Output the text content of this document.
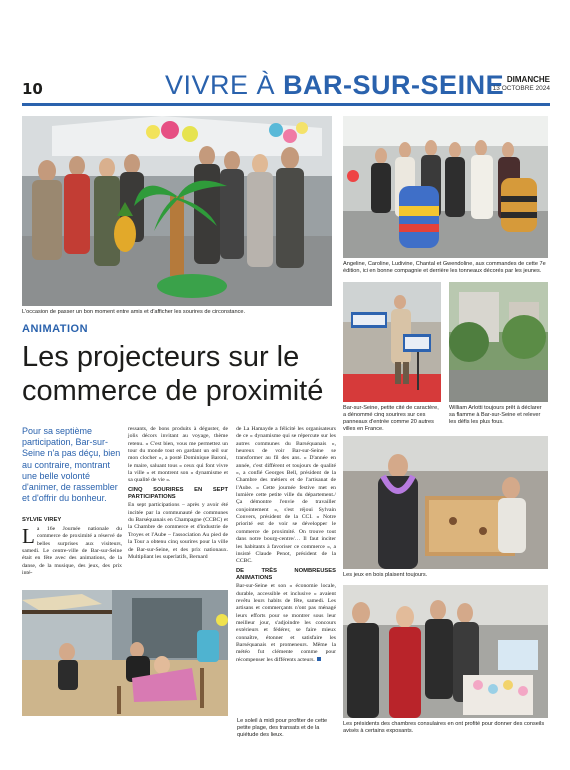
10	VIVRE À BAR-SUR-SEINE DIMANCHE
13 OCTOBRE 2024
L'occasion de passer un bon moment entre amis et d'afficher les sourires de circonstance.
Angeline, Caroline, Ludivine, Chantal et Gwendoline, aux commandes de cette 7e édition, ici en bonne compagnie et derrière les tonneaux décorés par les jeunes.
Bar-sur-Seine, petite cité de caractère, a dénommé cinq sourires sur ces panneaux d'entrée comme 20 autres villes en France.
William Arlotti toujours prêt à déclarer sa flamme à Bar-sur-Seine et relever les défis les plus fous.
Les jeux en bois plaisent toujours.
Le soleil à midi pour profiter de cette petite plage, des transats et de la quiétude des lieux.
Les présidents des chambres consulaires en ont profité pour donner des conseils avisés à certains exposants.
ANIMATION
Les projecteurs sur le commerce de proximité
Pour sa septième participation, Bar-sur-Seine n'a pas déçu, bien au contraire, montrant une belle volonté d'animer, de rassembler et d'offrir du bonheur.
SYLVIE VIREY
La 16e Journée nationale du commerce de proximité a réservé de belles surprises aux visiteurs, samedi. Le centre-ville de Bar-sur-Seine était en fête avec des animations, de la danse, de la musique, des jeux, des prix inté-
ressants, de bons produits à déguster, de jolis décors invitant au voyage, thème retenu. « C'est bien, vous me permettez un tour du monde tout en gardant un œil sur mon clocher », a posté Dominique Baroni, le maire, saluant tous « ceux qui font vivre la ville » et montrent son « dynamisme et sa qualité de vie ».
CINQ SOURIRES EN SEPT PARTICIPATIONS
En sept participations – après y avoir été incitée par la communauté de communes du Barséquanais en Champagne (CCBC) et la Chambre de commerce et d'industrie de Troyes et l'Aube – l'association Au pied de la Tour a obtenu cinq sourires pour la ville de Bar-sur-Seine, et des prix nationaux. Multipliant les superlatifs, Bernard
de La Hamayde a félicité les organisateurs de ce « dynamisme qui se répercute sur les autres communes du Barséquanais », heureux de voir Bar-sur-Seine se transformer au fil des ans. « D'année en année, c'est différent et toujours de qualité », a confié Georges Bell, président de la Chambre des métiers et de l'artisanat de l'Aube. « Cette journée festive met en lumière cette petite ville du département./ Ça démontre l'envie de travailler conjointement », s'est réjoui Sylvain Convers, président de la CCI. « Notre priorité est de voir se développer le commerce de proximité. On trouve tout dans notre bourg-centre/… Il faut inciter les habitants à favoriser ce commerce », a insisté Claude Penot, président de la CCBC.
DE TRÈS NOMBREUSES ANIMATIONS
Bar-sur-Seine et son « économie locale, durable, accessible et inclusive » avaient revêtu leurs habits de fête, samedi. Les artisans et commerçants n'ont pas ménagé leurs efforts pour se montrer sous leur meilleur jour, s'adjoindre les concours extérieurs et fédérer, se faire mieux connaître, étonner et satisfaire les Barséquanais et promeneurs. Même la météo fut clémente comme pour récompenser les différents acteurs.
